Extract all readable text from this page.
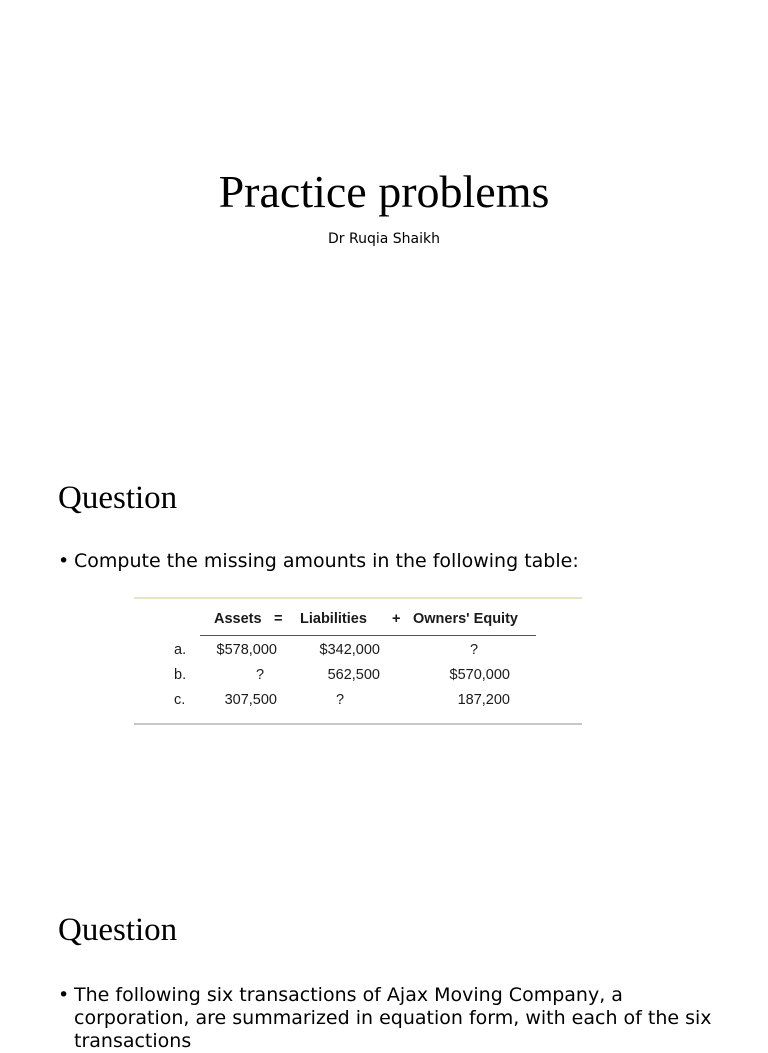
Practice problems
Dr Ruqia Shaikh
Question
• Compute the missing amounts in the following table:
Assets = Liabilities + Owners' Equity
a. $578,000	$342,000	?
b.	?	562,500	$570,000
c.	307,500	?	187,200
Question
• The following six transactions of Ajax Moving Company, a corporation, are summarized in equation form, with each of the six transactions
